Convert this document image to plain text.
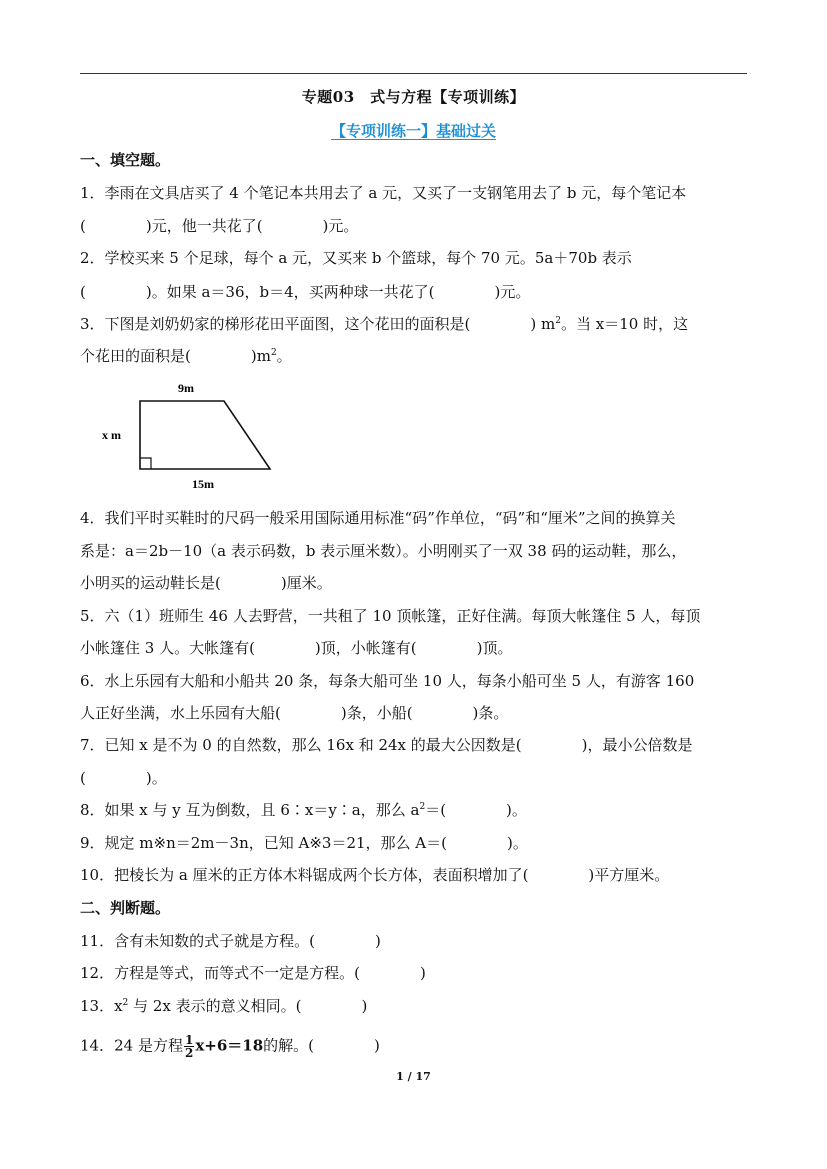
专题03　式与方程【专项训练】
【专项训练一】基础过关
一、填空题。
1．李雨在文具店买了 4 个笔记本共用去了 a 元，又买了一支钢笔用去了 b 元，每个笔记本
(　　　　)元，他一共花了(　　　　)元。
2．学校买来 5 个足球，每个 a 元，又买来 b 个篮球，每个 70 元。5a＋70b 表示
(　　　　)。如果 a＝36，b＝4，买两种球一共花了(　　　　)元。
3．下图是刘奶奶家的梯形花田平面图，这个花田的面积是(　　　　) $m^2$。当 x＝10 时，这
个花田的面积是(　　　　)$m^2$。
9m
x m
15m
4．我们平时买鞋时的尺码一般采用国际通用标准“码”作单位，“码”和“厘米”之间的换算关
系是：a＝2b－10（a 表示码数，b 表示厘米数）。小明刚买了一双 38 码的运动鞋，那么，
小明买的运动鞋长是(　　　　)厘米。
5．六（1）班师生 46 人去野营，一共租了 10 顶帐篷，正好住满。每顶大帐篷住 5 人，每顶
小帐篷住 3 人。大帐篷有(　　　　)顶，小帐篷有(　　　　)顶。
6．水上乐园有大船和小船共 20 条，每条大船可坐 10 人，每条小船可坐 5 人，有游客 160
人正好坐满，水上乐园有大船(　　　　)条，小船(　　　　)条。
7．已知 x 是不为 0 的自然数，那么 16x 和 24x 的最大公因数是(　　　　)，最小公倍数是
(　　　　)。
8．如果 x 与 y 互为倒数，且 6∶x＝y∶a，那么 $a^2=$(　　　　)。
9．规定 m※n＝2m－3n，已知 A※3＝21，那么 A＝(　　　　)。
10．把棱长为 a 厘米的正方体木料锯成两个长方体，表面积增加了(　　　　)平方厘米。
二、判断题。
11．含有未知数的式子就是方程。(　　　　)
12．方程是等式，而等式不一定是方程。(　　　　)
13．$x^2$ 与 2x 表示的意义相同。(　　　　)
14．24 是方程 $\frac{1}{2} x+6=18$的解。(　　　　)
1 / 17
